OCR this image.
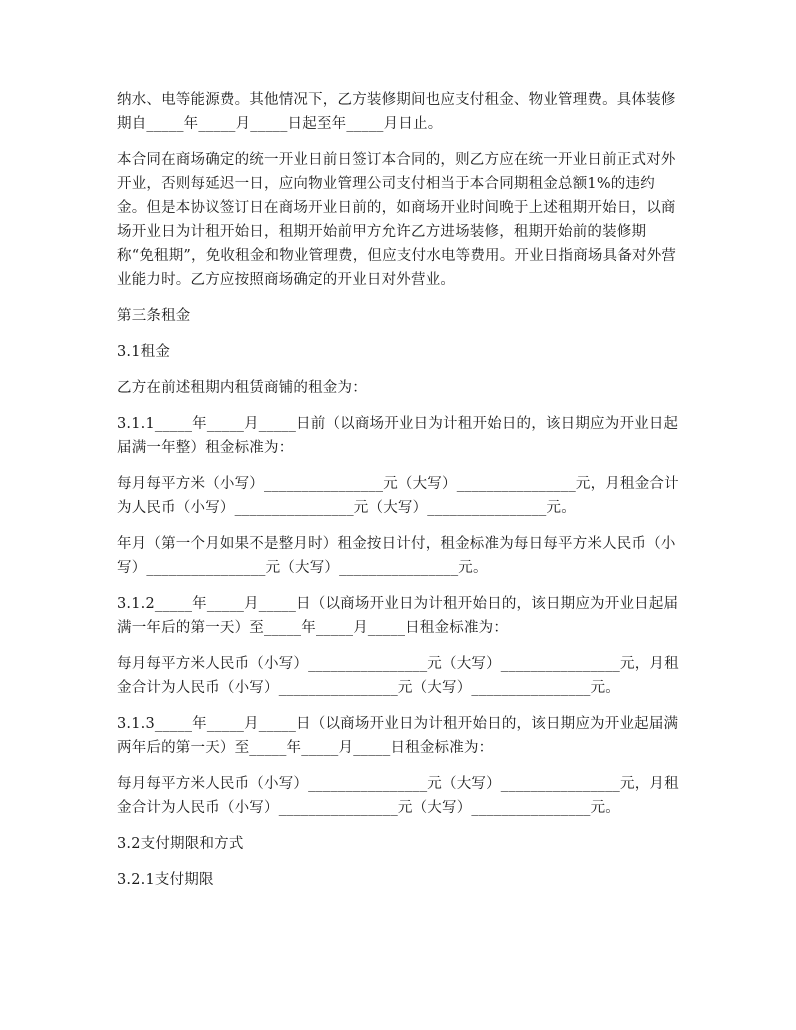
纳水、电等能源费。其他情况下，乙方装修期间也应支付租金、物业管理费。具体装修期自_____年_____月_____日起至年_____月日止。

本合同在商场确定的统一开业日前日签订本合同的，则乙方应在统一开业日前正式对外开业，否则每延迟一日，应向物业管理公司支付相当于本合同期租金总额1%的违约金。但是本协议签订日在商场开业日前的，如商场开业时间晚于上述租期开始日，以商场开业日为计租开始日，租期开始前甲方允许乙方进场装修，租期开始前的装修期称“免租期”，免收租金和物业管理费，但应支付水电等费用。开业日指商场具备对外营业能力时。乙方应按照商场确定的开业日对外营业。

第三条租金

3.1租金

乙方在前述租期内租赁商铺的租金为：

3.1.1_____年_____月_____日前（以商场开业日为计租开始日的，该日期应为开业日起届满一年整）租金标准为：

每月每平方米（小写）________________元（大写）________________元，月租金合计为人民币（小写）________________元（大写）________________元。

年月（第一个月如果不是整月时）租金按日计付，租金标准为每日每平方米人民币（小写）________________元（大写）________________元。

3.1.2_____年_____月_____日（以商场开业日为计租开始日的，该日期应为开业日起届满一年后的第一天）至_____年_____月_____日租金标准为：

每月每平方米人民币（小写）________________元（大写）________________元，月租金合计为人民币（小写）________________元（大写）________________元。

3.1.3_____年_____月_____日（以商场开业日为计租开始日的，该日期应为开业起届满两年后的第一天）至_____年_____月_____日租金标准为：

每月每平方米人民币（小写）________________元（大写）________________元，月租金合计为人民币（小写）________________元（大写）________________元。

3.2支付期限和方式

3.2.1支付期限
